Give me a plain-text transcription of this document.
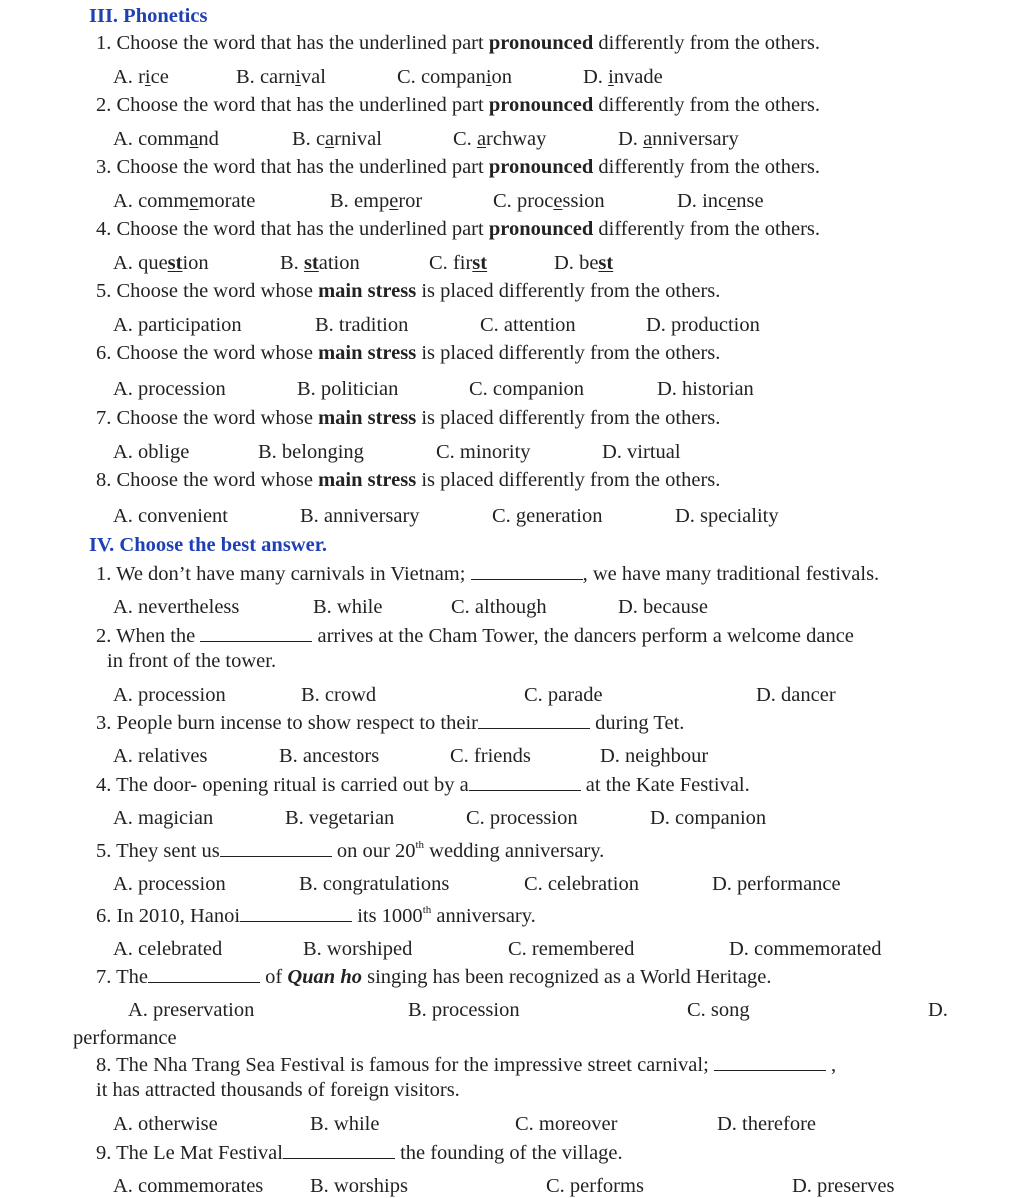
III. Phonetics
1. Choose the word that has the underlined part pronounced differently from the others.
A. rice	B. carnival	C. companion	D. invade
2. Choose the word that has the underlined part pronounced differently from the others.
A. command	B. carnival	C. archway	D. anniversary
3. Choose the word that has the underlined part pronounced differently from the others.
A. commemorate	B. emperor	C. procession	D. incense
4. Choose the word that has the underlined part pronounced differently from the others.
A. question	B. station	C. first	D. best
5. Choose the word whose main stress is placed differently from the others.
A. participation	B. tradition	C. attention	D. production
6. Choose the word whose main stress is placed differently from the others.
A. procession	B. politician	C. companion	D. historian
7. Choose the word whose main stress is placed differently from the others.
A. oblige	B. belonging	C. minority	D. virtual
8. Choose the word whose main stress is placed differently from the others.
A. convenient	B. anniversary	C. generation	D. speciality
IV. Choose the best answer.
1. We don’t have many carnivals in Vietnam;	, we have many traditional festivals.
A. nevertheless	B. while	C. although	D. because
2. When the	arrives at the Cham Tower, the dancers perform a welcome dance
in front of the tower.
A. procession	B. crowd	C. parade	D. dancer
3. People burn incense to show respect to their	during Tet.
A. relatives	B. ancestors	C. friends	D. neighbour
4. The door- opening ritual is carried out by a	at the Kate Festival.
A. magician	B. vegetarian	C. procession	D. companion
5. They sent us	on our 20th wedding anniversary.
A. procession	B. congratulations	C. celebration	D. performance
6. In 2010, Hanoi	its 1000th anniversary.
A. celebrated	B. worshiped	C. remembered	D. commemorated
7. The	of Quan ho singing has been recognized as a World Heritage.
A. preservation	B. procession	C. song	D.
performance
8. The Nha Trang Sea Festival is famous for the impressive street carnival;	,
it has attracted thousands of foreign visitors.
A. otherwise	B. while	C. moreover	D. therefore
9. The Le Mat Festival	the founding of the village.
A. commemorates B. worships	C. performs	D. preserves
